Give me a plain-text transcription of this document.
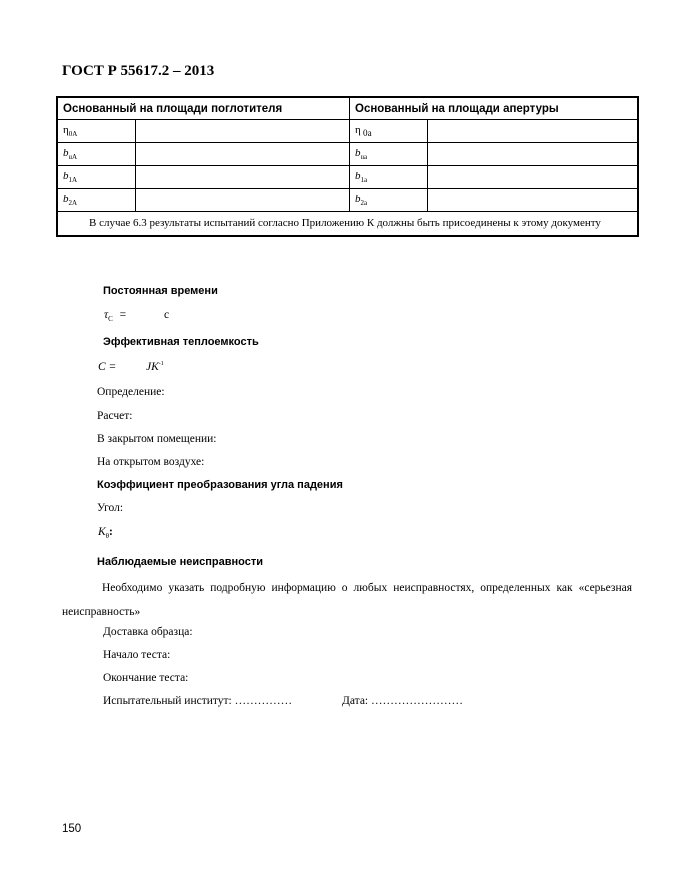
ГОСТ Р 55617.2 – 2013
Основанный на площади поглотителя		Основанный на площади апертуры	
$\eta_{0A}$		η $_{0a}$	
$b_{uA}$		$b_{ua}$	
$b_{1A}$		$b_{1a}$	
$b_{2A}$		$b_{2a}$	
В случае 6.3 результаты испытаний согласно Приложению К должны быть присоединены к этому документу			
Постоянная времени
$\tau_C$ =	с
Эффективная теплоемкость
C =	$JK^{-1}$
Определение:
Расчет:
В закрытом помещении:
На открытом воздухе:
Коэффициент преобразования угла падения
Угол:
$K_\theta$:
Наблюдаемые неисправности

Необходимо указать подробную информацию о любых неисправностях, определенных как «серьезная неисправность»

Доставка образца:
Начало теста:
Окончание теста:
Испытательный институт: ……………	Дата: ……………………
150
